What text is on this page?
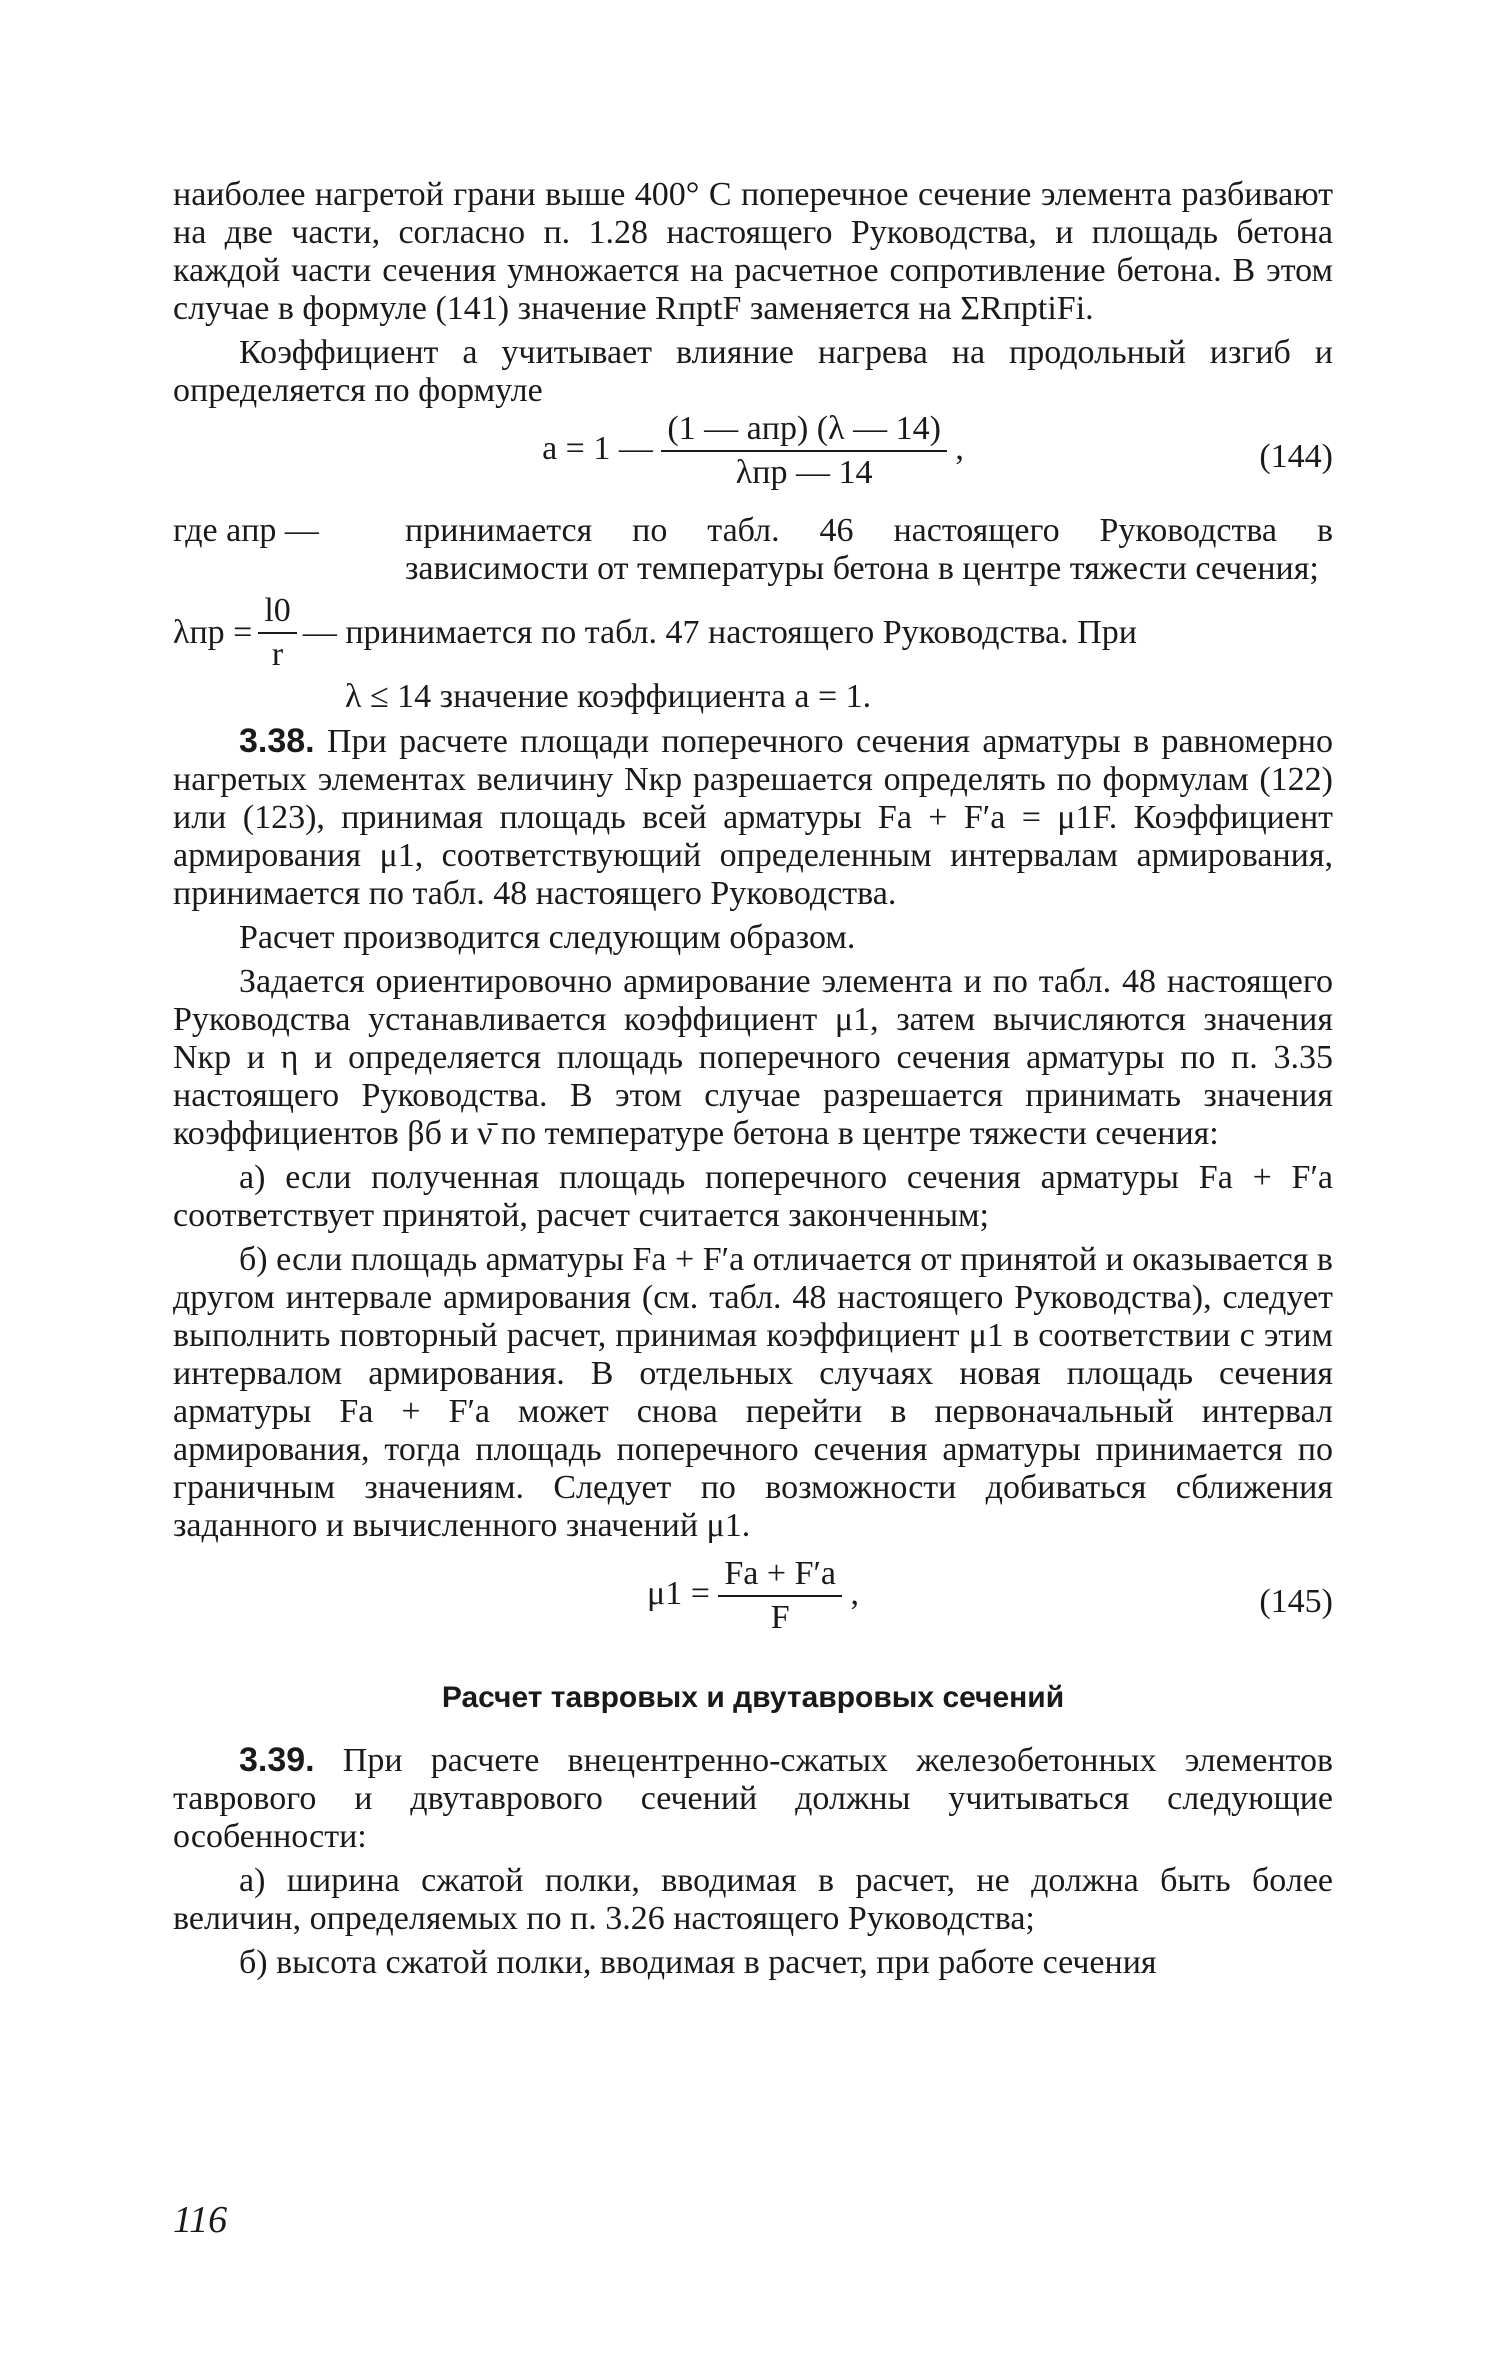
наиболее нагретой грани выше 400° С поперечное сечение элемента разбивают на две части, согласно п. 1.28 настоящего Руководства, и площадь бетона каждой части сечения умножается на расчетное сопротивление бетона. В этом случае в формуле (141) значение RпрtF заменяется на ΣRпрtiFi.

Коэффициент a учитывает влияние нагрева на продольный изгиб и определяется по формуле

a = 1 — $\frac{\text{(1 — aпр) (λ — 14)}}{\text{λпр — 14}}$ ,	(144)
где aпр —	принимается по табл. 46 настоящего Руководства в зависимости от температуры бетона в центре тяжести сечения;
$\lambda пр = \frac{l0}{r}$ — принимается по табл. 47 настоящего Руководства. При

λ ≤ 14 значение коэффициента a = 1.

3.38. При расчете площади поперечного сечения арматуры в равномерно нагретых элементах величину Nкр разрешается определять по формулам (122) или (123), принимая площадь всей арматуры Fа + F′а = μ1F. Коэффициент армирования μ1, соответствующий определенным интервалам армирования, принимается по табл. 48 настоящего Руководства.

Расчет производится следующим образом.

Задается ориентировочно армирование элемента и по табл. 48 настоящего Руководства устанавливается коэффициент μ1, затем вычисляются значения Nкр и η и определяется площадь поперечного сечения арматуры по п. 3.35 настоящего Руководства. В этом случае разрешается принимать значения коэффициентов βб и ν̄ по температуре бетона в центре тяжести сечения:

а) если полученная площадь поперечного сечения арматуры Fа + F′а соответствует принятой, расчет считается законченным;

б) если площадь арматуры Fа + F′а отличается от принятой и оказывается в другом интервале армирования (см. табл. 48 настоящего Руководства), следует выполнить повторный расчет, принимая коэффициент μ1 в соответствии с этим интервалом армирования. В отдельных случаях новая площадь сечения арматуры Fа + F′а может снова перейти в первоначальный интервал армирования, тогда площадь поперечного сечения арматуры принимается по граничным значениям. Следует по возможности добиваться сближения заданного и вычисленного значений μ1.

$\mu 1 = \frac{Fа + F'а}{F}$ ,	(145)
Расчет тавровых и двутавровых сечений

3.39. При расчете внецентренно-сжатых железобетонных элементов таврового и двутаврового сечений должны учитываться следующие особенности:

а) ширина сжатой полки, вводимая в расчет, не должна быть более величин, определяемых по п. 3.26 настоящего Руководства;

б) высота сжатой полки, вводимая в расчет, при работе сечения

116
